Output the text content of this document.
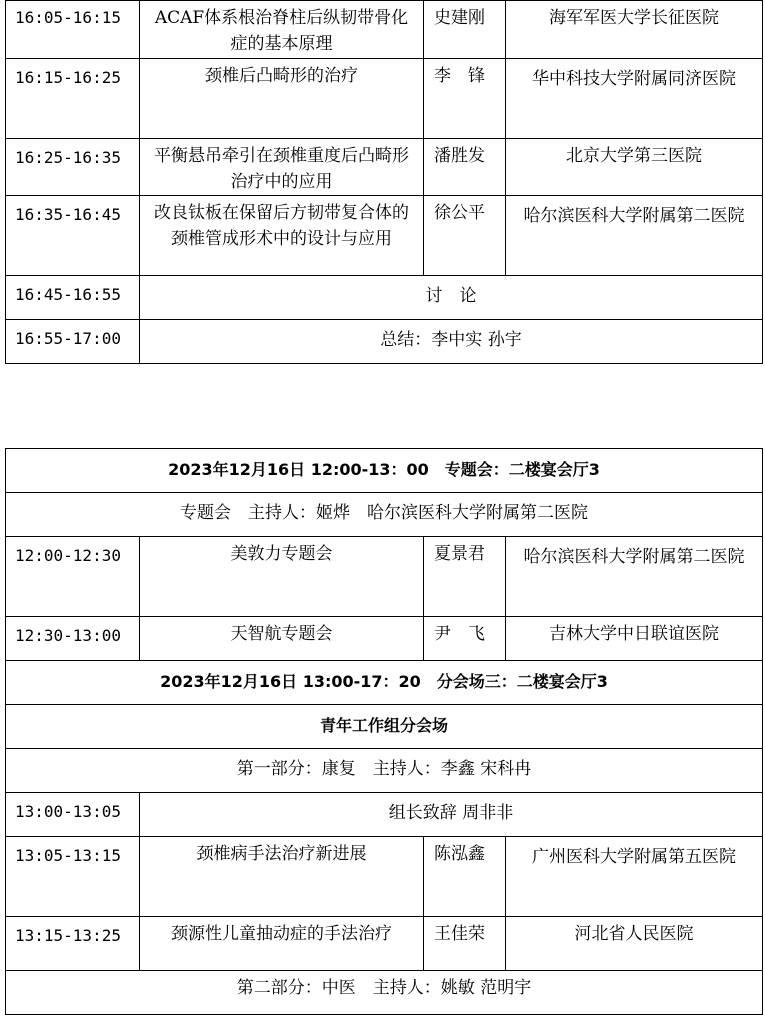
16:05-16:15	ACAF体系根治脊柱后纵韧带骨化症的基本原理	史建刚	海军军医大学长征医院
16:15-16:25	颈椎后凸畸形的治疗	李　锋	华中科技大学附属同济医院
16:25-16:35	平衡悬吊牵引在颈椎重度后凸畸形治疗中的应用	潘胜发	北京大学第三医院
16:35-16:45	改良钛板在保留后方韧带复合体的颈椎管成形术中的设计与应用	徐公平	哈尔滨医科大学附属第二医院
16:45-16:55	讨　论		
16:55-17:00	总结：李中实 孙宇		
2023年12月16日 12:00-13：00　专题会：二楼宴会厅3			
专题会　主持人：姬烨　哈尔滨医科大学附属第二医院			
12:00-12:30	美敦力专题会	夏景君	哈尔滨医科大学附属第二医院
12:30-13:00	天智航专题会	尹　飞	吉林大学中日联谊医院
2023年12月16日 13:00-17：20　分会场三：二楼宴会厅3			
青年工作组分会场			
第一部分：康复　主持人：李鑫 宋科冉			
13:00-13:05	组长致辞 周非非		
13:05-13:15	颈椎病手法治疗新进展	陈泓鑫	广州医科大学附属第五医院
13:15-13:25	颈源性儿童抽动症的手法治疗	王佳荣	河北省人民医院
第二部分：中医　主持人：姚敏 范明宇			
